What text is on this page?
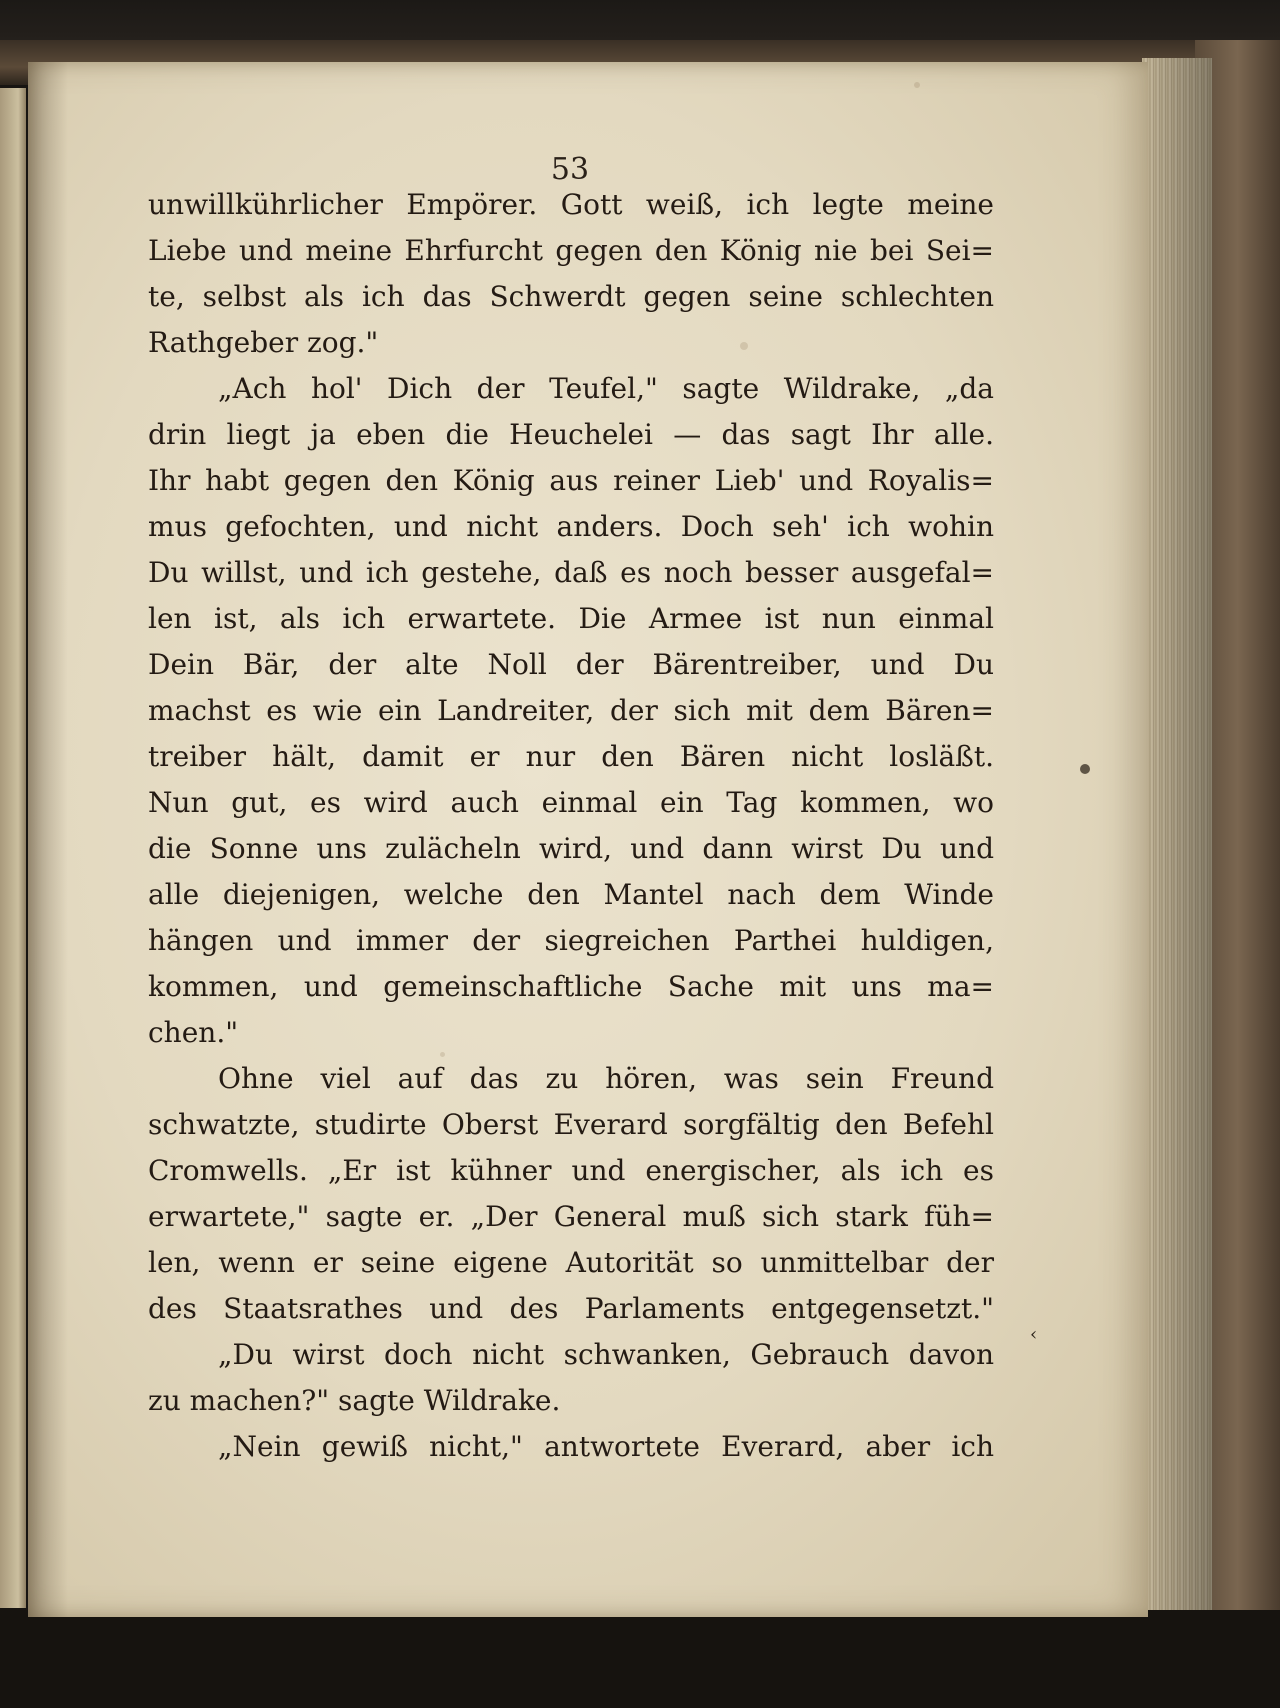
‹
53
unwillkührlicher Empörer. Gott weiß, ich legte meine
Liebe und meine Ehrfurcht gegen den König nie bei Sei=
te, selbst als ich das Schwerdt gegen seine schlechten
Rathgeber zog."
„Ach hol' Dich der Teufel," sagte Wildrake, „da
drin liegt ja eben die Heuchelei — das sagt Ihr alle.
Ihr habt gegen den König aus reiner Lieb' und Royalis=
mus gefochten, und nicht anders. Doch seh' ich wohin
Du willst, und ich gestehe, daß es noch besser ausgefal=
len ist, als ich erwartete. Die Armee ist nun einmal
Dein Bär, der alte Noll der Bärentreiber, und Du
machst es wie ein Landreiter, der sich mit dem Bären=
treiber hält, damit er nur den Bären nicht losläßt.
Nun gut, es wird auch einmal ein Tag kommen, wo
die Sonne uns zulächeln wird, und dann wirst Du und
alle diejenigen, welche den Mantel nach dem Winde
hängen und immer der siegreichen Parthei huldigen,
kommen, und gemeinschaftliche Sache mit uns ma=
chen."
Ohne viel auf das zu hören, was sein Freund
schwatzte, studirte Oberst Everard sorgfältig den Befehl
Cromwells. „Er ist kühner und energischer, als ich es
erwartete," sagte er. „Der General muß sich stark füh=
len, wenn er seine eigene Autorität so unmittelbar der
des Staatsrathes und des Parlaments entgegensetzt."
„Du wirst doch nicht schwanken, Gebrauch davon
zu machen?" sagte Wildrake.
„Nein gewiß nicht," antwortete Everard, aber ich
